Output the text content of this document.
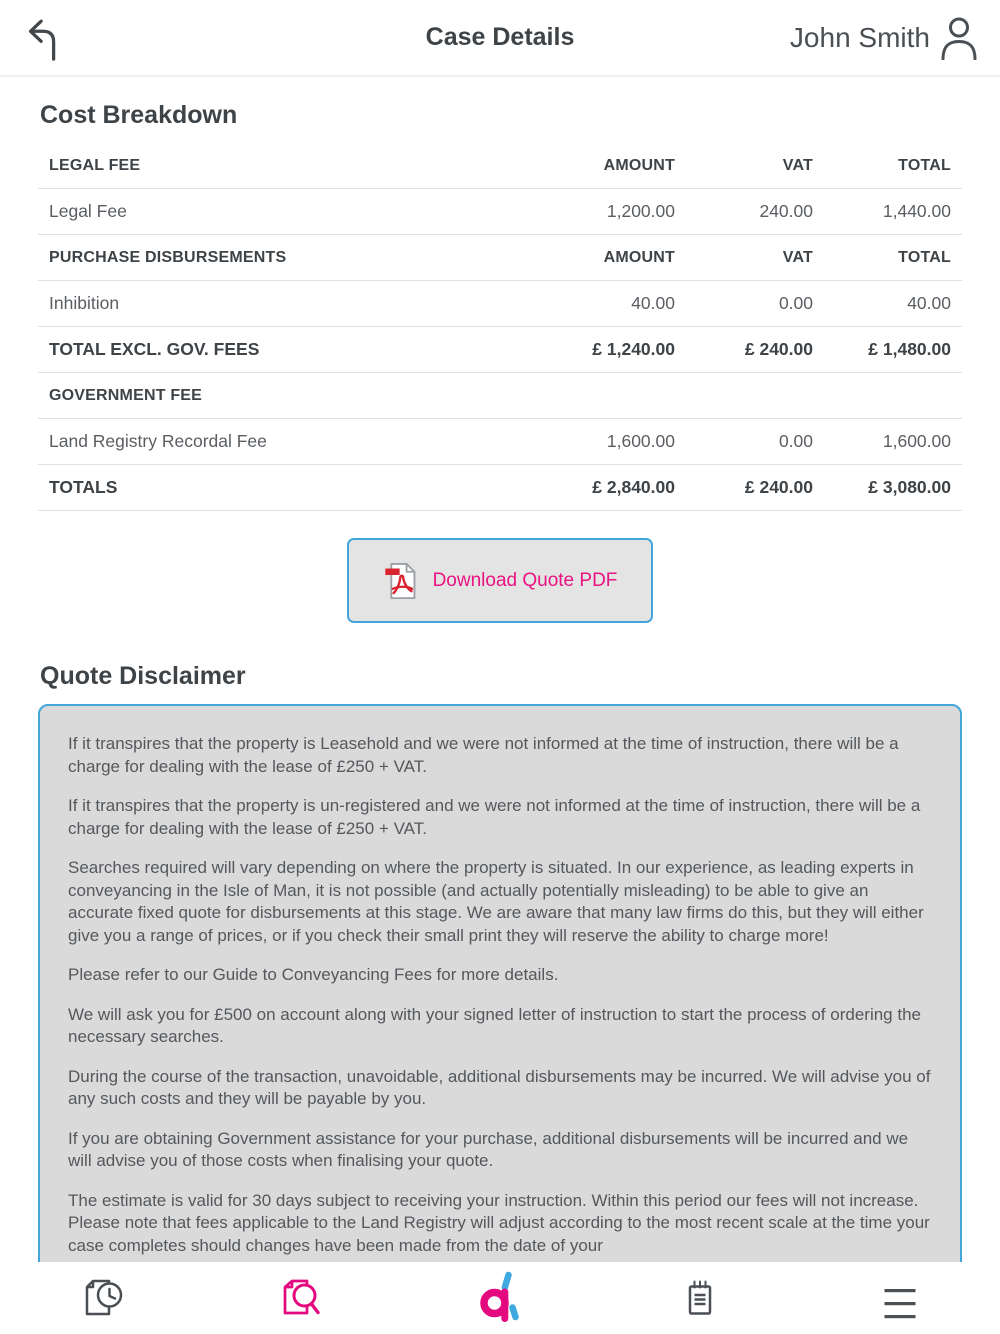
Case Details	John Smith
Cost Breakdown
LEGAL FEE	AMOUNT	VAT	TOTAL
Legal Fee	1,200.00	240.00	1,440.00
PURCHASE DISBURSEMENTS	AMOUNT	VAT	TOTAL
Inhibition	40.00	0.00	40.00
TOTAL EXCL. GOV. FEES	£ 1,240.00	£ 240.00	£ 1,480.00
GOVERNMENT FEE
Land Registry Recordal Fee	1,600.00	0.00	1,600.00
TOTALS	£ 2,840.00	£ 240.00	£ 3,080.00
Download Quote PDF
Quote Disclaimer

If it transpires that the property is Leasehold and we were not informed at the time of instruction, there will be a charge for dealing with the lease of £250 + VAT.

If it transpires that the property is un-registered and we were not informed at the time of instruction, there will be a charge for dealing with the lease of £250 + VAT.

Searches required will vary depending on where the property is situated. In our experience, as leading experts in conveyancing in the Isle of Man, it is not possible (and actually potentially misleading) to be able to give an accurate fixed quote for disbursements at this stage. We are aware that many law firms do this, but they will either give you a range of prices, or if you check their small print they will reserve the ability to charge more!

Please refer to our Guide to Conveyancing Fees for more details.

We will ask you for £500 on account along with your signed letter of instruction to start the process of ordering the necessary searches.

During the course of the transaction, unavoidable, additional disbursements may be incurred. We will advise you of any such costs and they will be payable by you.

If you are obtaining Government assistance for your purchase, additional disbursements will be incurred and we will advise you of those costs when finalising your quote.

The estimate is valid for 30 days subject to receiving your instruction. Within this period our fees will not increase. Please note that fees applicable to the Land Registry will adjust according to the most recent scale at the time your case completes should changes have been made from the date of your
